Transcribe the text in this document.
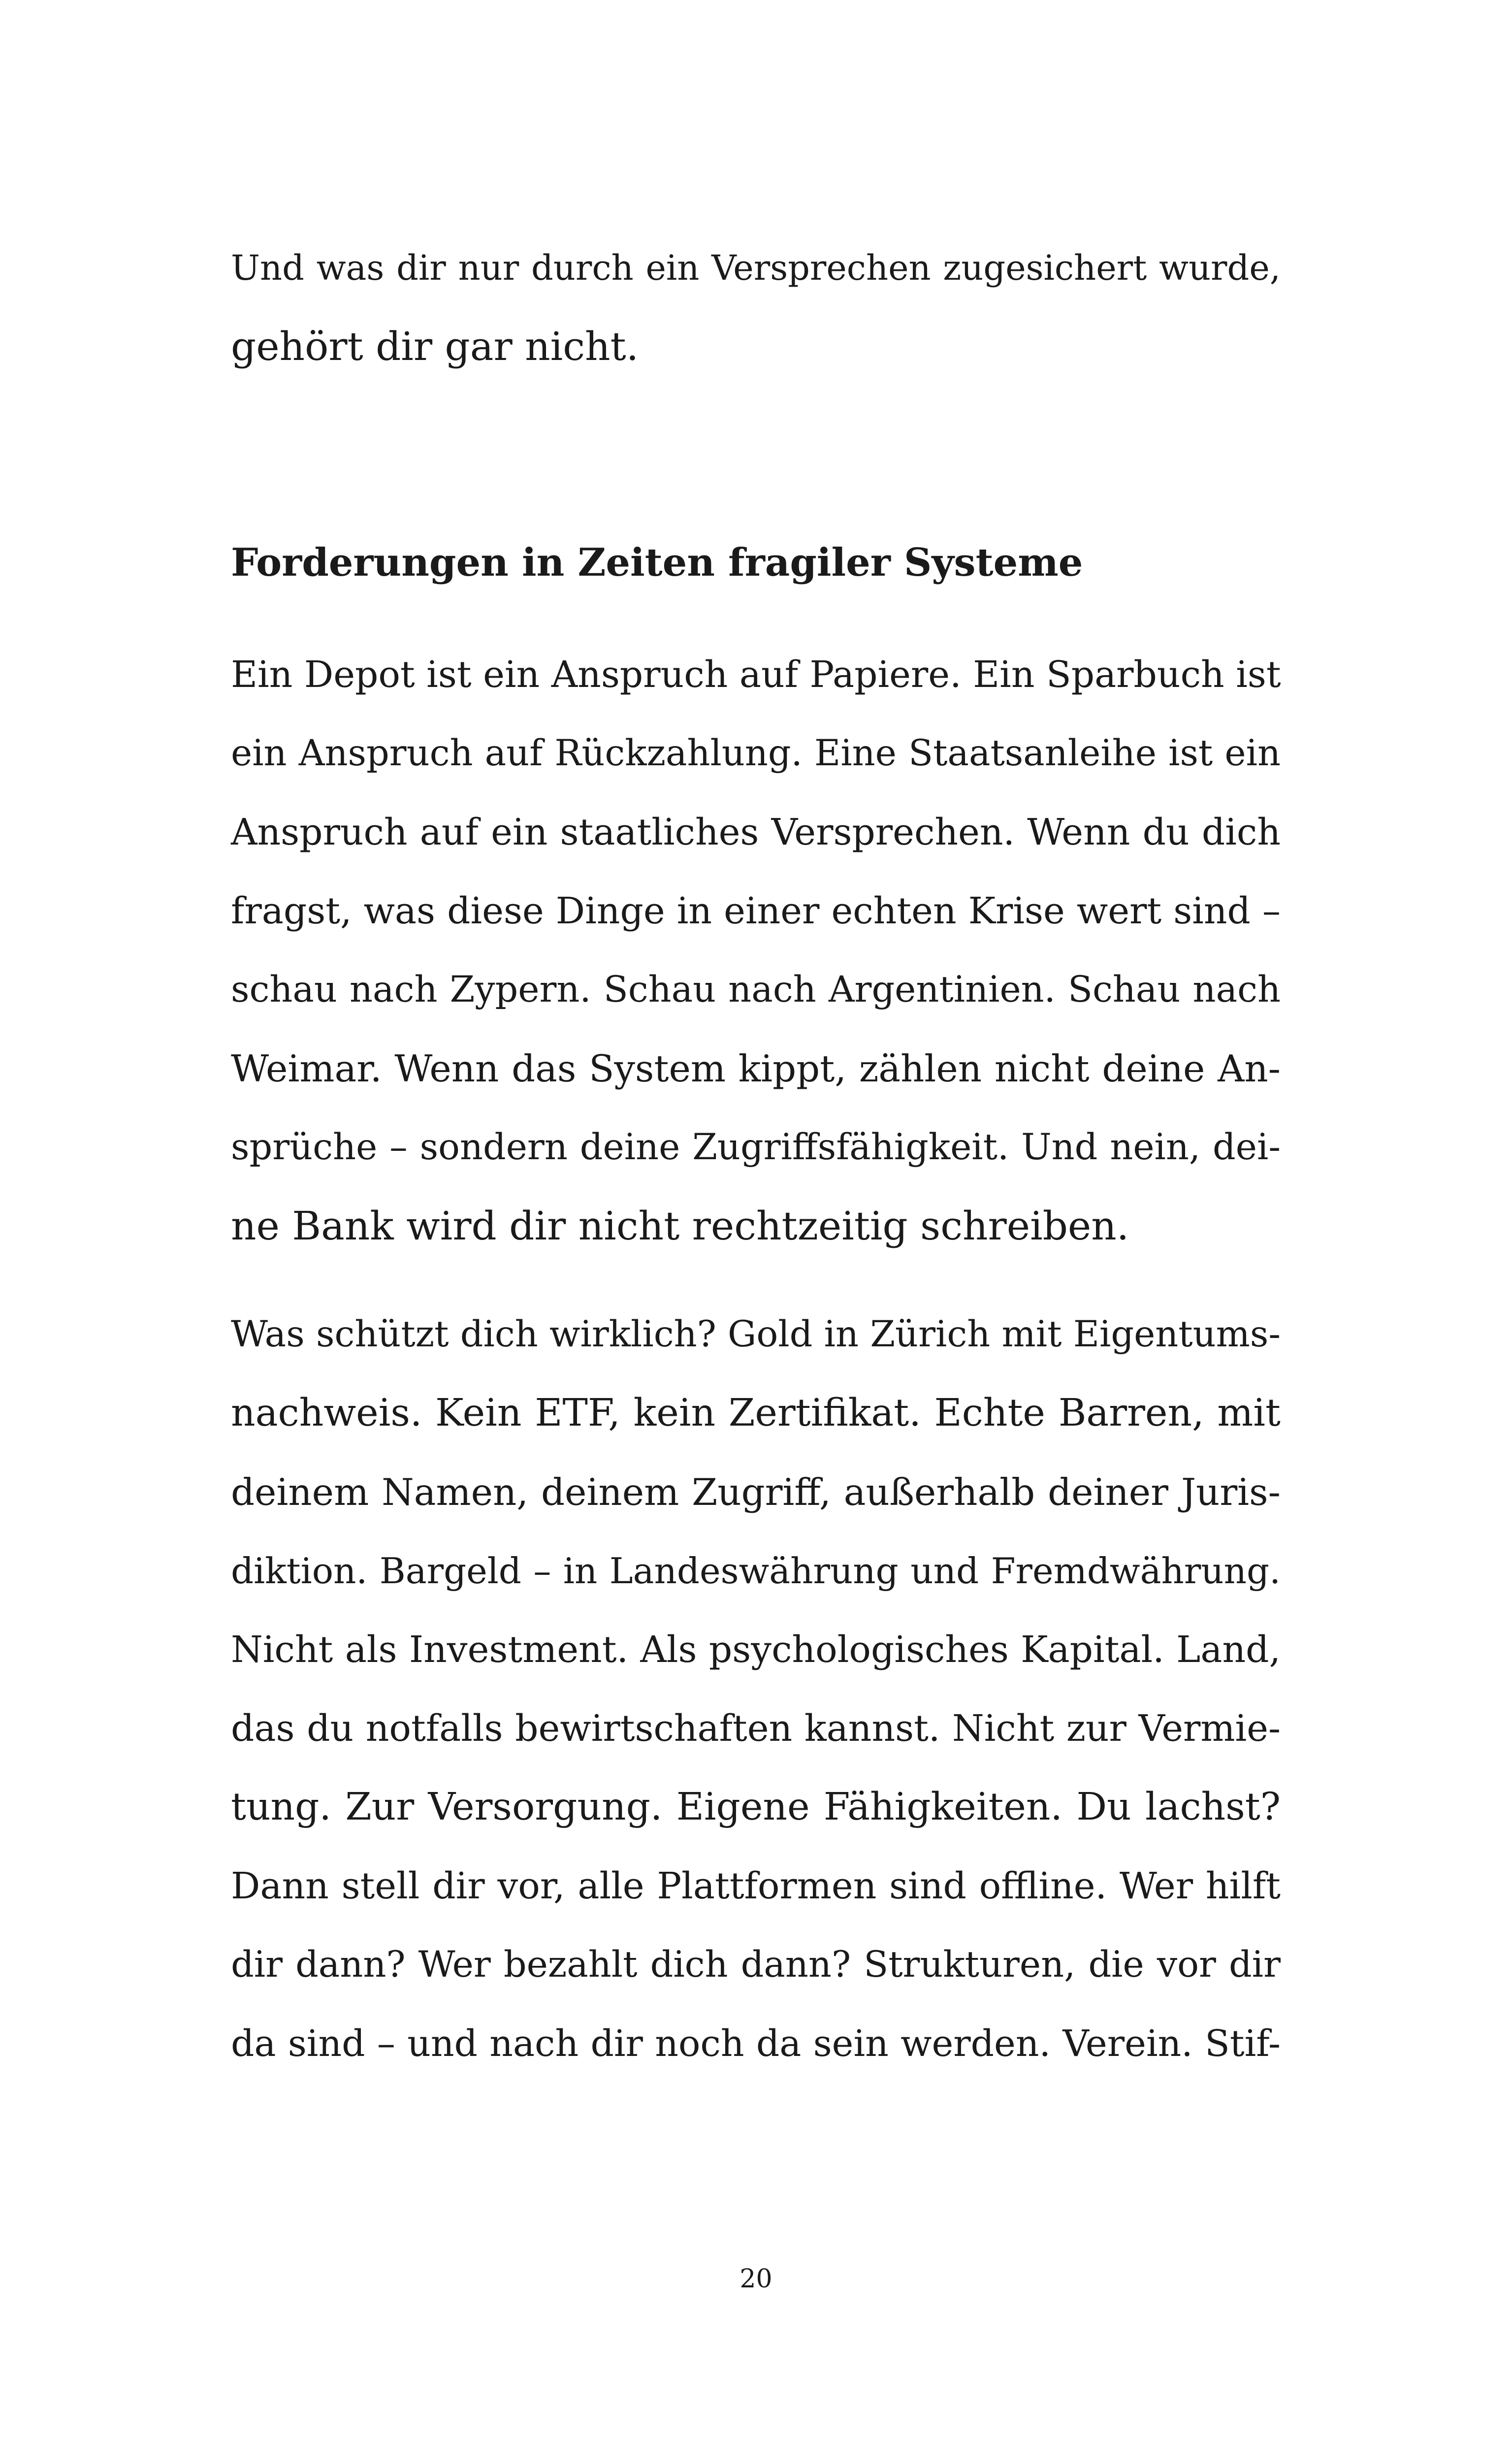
Und was dir nur durch ein Versprechen zugesichert wurde,
gehört dir gar nicht.
Forderungen in Zeiten fragiler Systeme
Ein Depot ist ein Anspruch auf Papiere. Ein Sparbuch ist
ein Anspruch auf Rückzahlung. Eine Staatsanleihe ist ein
Anspruch auf ein staatliches Versprechen. Wenn du dich
fragst, was diese Dinge in einer echten Krise wert sind –
schau nach Zypern. Schau nach Argentinien. Schau nach
Weimar. Wenn das System kippt, zählen nicht deine An-
sprüche – sondern deine Zugriffsfähigkeit. Und nein, dei-
ne Bank wird dir nicht rechtzeitig schreiben.
Was schützt dich wirklich? Gold in Zürich mit Eigentums-
nachweis. Kein ETF, kein Zertifikat. Echte Barren, mit
deinem Namen, deinem Zugriff, außerhalb deiner Juris-
diktion. Bargeld – in Landeswährung und Fremdwährung.
Nicht als Investment. Als psychologisches Kapital. Land,
das du notfalls bewirtschaften kannst. Nicht zur Vermie-
tung. Zur Versorgung. Eigene Fähigkeiten. Du lachst?
Dann stell dir vor, alle Plattformen sind offline. Wer hilft
dir dann? Wer bezahlt dich dann? Strukturen, die vor dir
da sind – und nach dir noch da sein werden. Verein. Stif-
20
